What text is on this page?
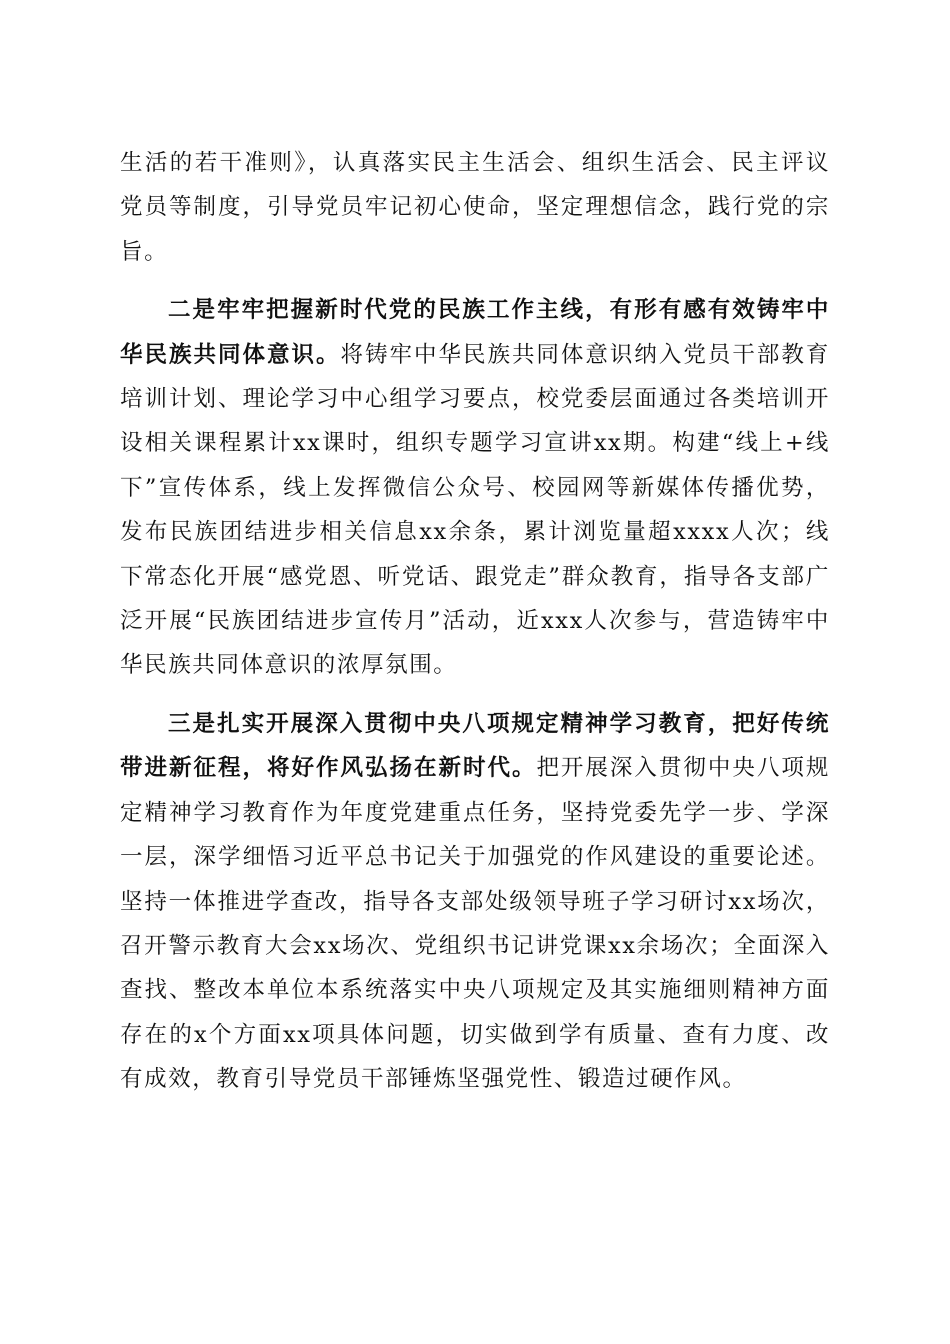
生活的若干准则》，认真落实民主生活会、组织生活会、民主评议党员等制度，引导党员牢记初心使命，坚定理想信念，践行党的宗旨。

二是牢牢把握新时代党的民族工作主线，有形有感有效铸牢中华民族共同体意识。将铸牢中华民族共同体意识纳入党员干部教育培训计划、理论学习中心组学习要点，校党委层面通过各类培训开设相关课程累计xx课时，组织专题学习宣讲xx期。构建“线上+线下”宣传体系，线上发挥微信公众号、校园网等新媒体传播优势，发布民族团结进步相关信息xx余条，累计浏览量超xxxx人次；线下常态化开展“感党恩、听党话、跟党走”群众教育，指导各支部广泛开展“民族团结进步宣传月”活动，近xxx人次参与，营造铸牢中华民族共同体意识的浓厚氛围。

三是扎实开展深入贯彻中央八项规定精神学习教育，把好传统带进新征程，将好作风弘扬在新时代。把开展深入贯彻中央八项规定精神学习教育作为年度党建重点任务，坚持党委先学一步、学深一层，深学细悟习近平总书记关于加强党的作风建设的重要论述。坚持一体推进学查改，指导各支部处级领导班子学习研讨xx场次，召开警示教育大会xx场次、党组织书记讲党课xx余场次；全面深入查找、整改本单位本系统落实中央八项规定及其实施细则精神方面存在的x个方面xx项具体问题，切实做到学有质量、查有力度、改有成效，教育引导党员干部锤炼坚强党性、锻造过硬作风。
